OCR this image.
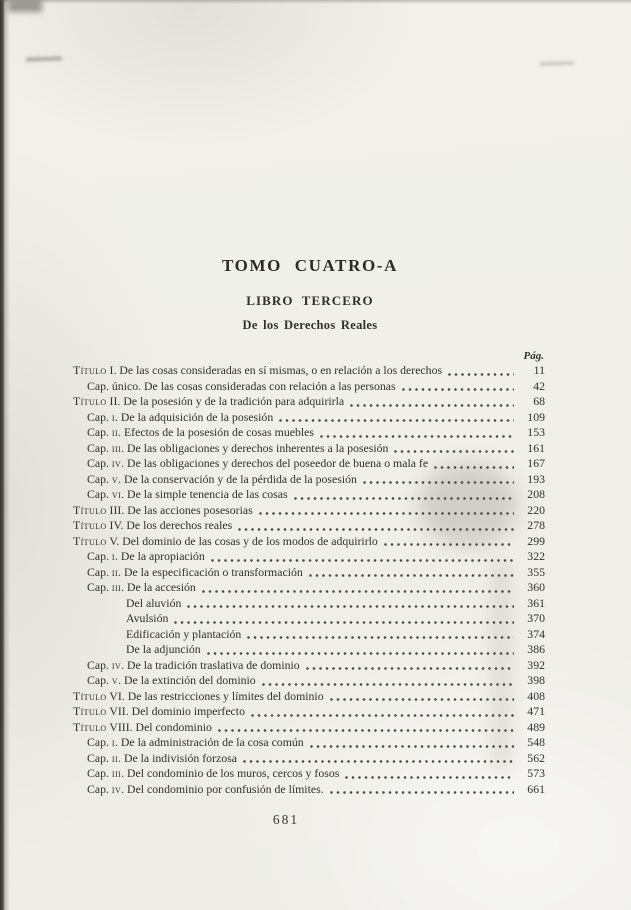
TOMO CUATRO-A
LIBRO TERCERO
De los Derechos Reales
Pág.
Título I. De las cosas consideradas en sí mismas, o en relación a los derechos	11
Cap. único. De las cosas consideradas con relación a las personas	42
Título II. De la posesión y de la tradición para adquirirla	68
Cap. i. De la adquisición de la posesión	109
Cap. ii. Efectos de la posesión de cosas muebles	153
Cap. iii. De las obligaciones y derechos inherentes a la posesión	161
Cap. iv. De las obligaciones y derechos del poseedor de buena o mala fe	167
Cap. v. De la conservación y de la pérdida de la posesión	193
Cap. vi. De la simple tenencia de las cosas	208
Título III. De las acciones posesorias	220
Título IV. De los derechos reales	278
Título V. Del dominio de las cosas y de los modos de adquirirlo	299
Cap. i. De la apropiación	322
Cap. ii. De la especificación o transformación	355
Cap. iii. De la accesión	360
Del aluvión	361
Avulsión	370
Edificación y plantación	374
De la adjunción	386
Cap. iv. De la tradición traslativa de dominio	392
Cap. v. De la extinción del dominio	398
Título VI. De las restricciones y límites del dominio	408
Título VII. Del dominio imperfecto	471
Título VIII. Del condominio	489
Cap. i. De la administración de la cosa común	548
Cap. ii. De la indivisión forzosa	562
Cap. iii. Del condominio de los muros, cercos y fosos	573
Cap. iv. Del condominio por confusión de límites.	661
681
